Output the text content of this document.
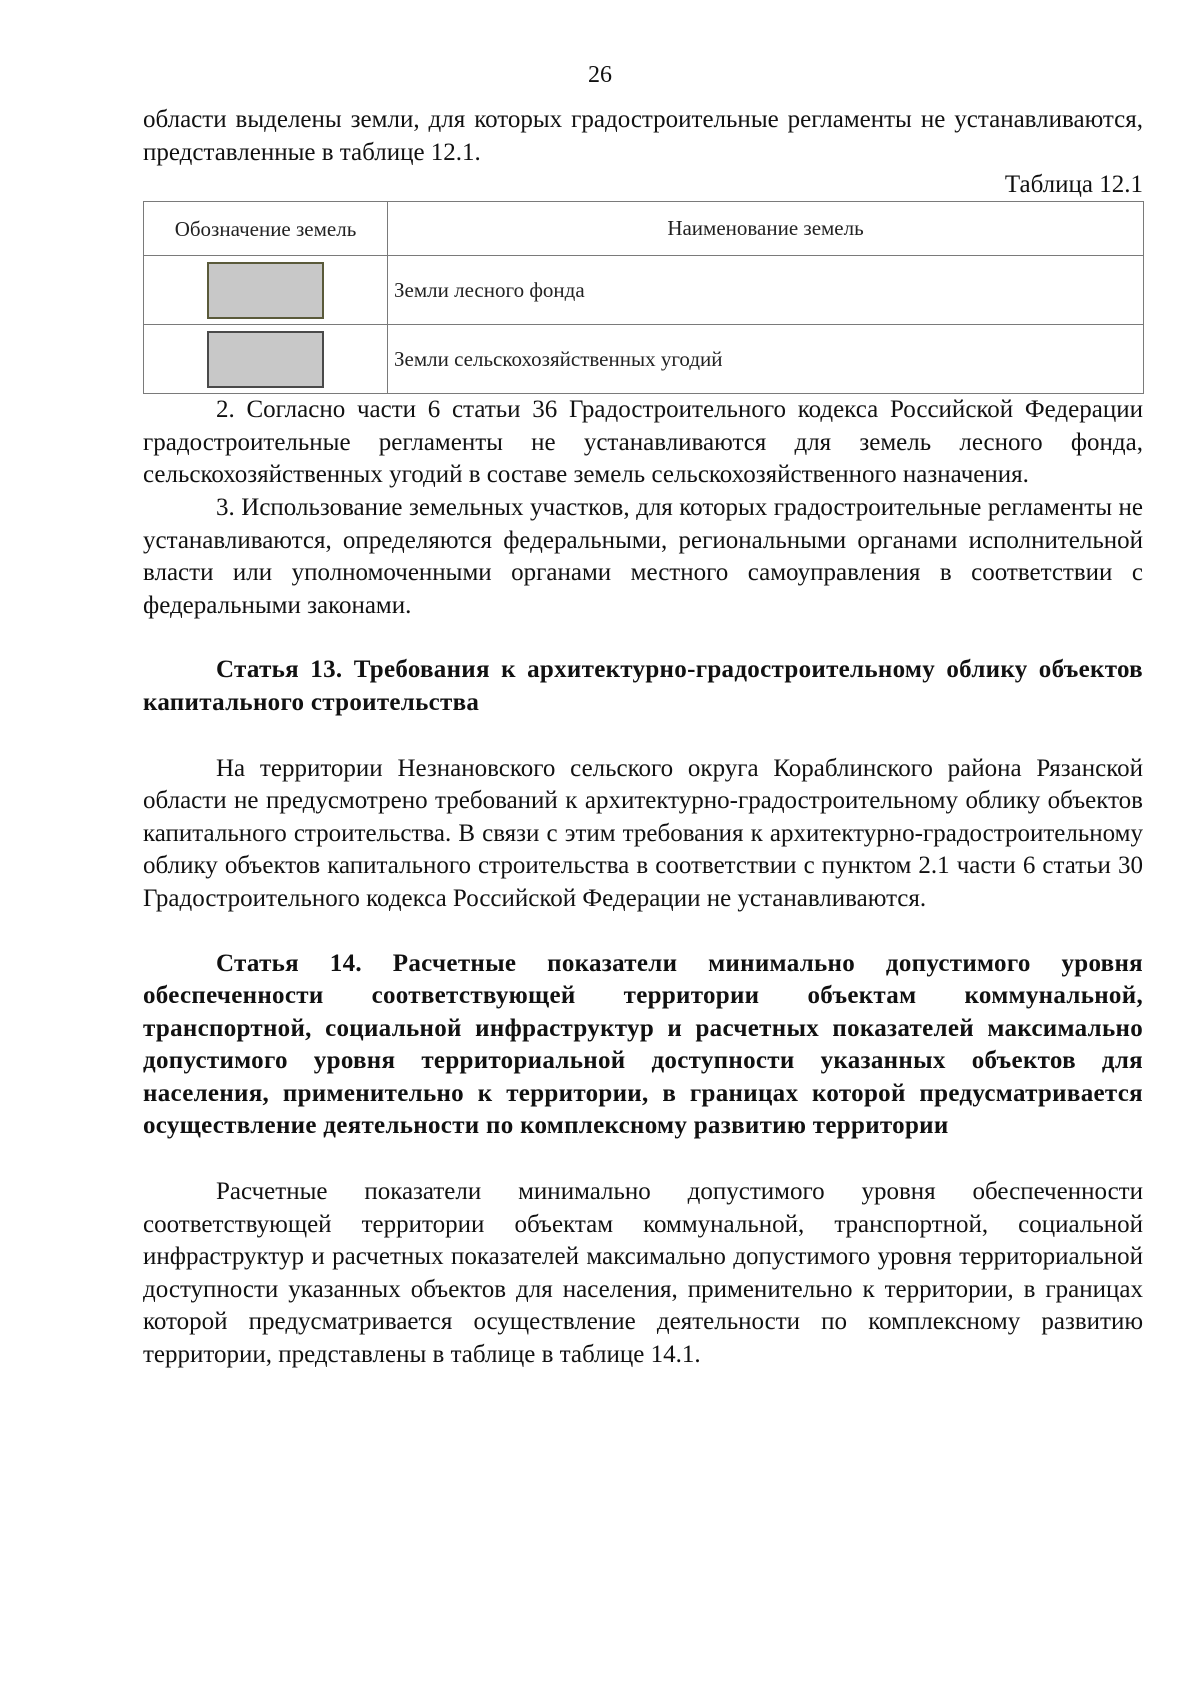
26

области выделены земли, для которых градостроительные регламенты не устанавливаются, представленные в таблице 12.1.

Таблица 12.1

Обозначение земель	Наименование земель
	Земли лесного фонда
	Земли сельскохозяйственных угодий

2. Согласно части 6 статьи 36 Градостроительного кодекса Российской Федерации градостроительные регламенты не устанавливаются для земель лесного фонда, сельскохозяйственных угодий в составе земель сельскохозяйственного назначения.

3. Использование земельных участков, для которых градостроительные регламенты не устанавливаются, определяются федеральными, региональными органами исполнительной власти или уполномоченными органами местного самоуправления в соответствии с федеральными законами.

Статья 13. Требования к архитектурно-градостроительному облику объектов капитального строительства

На территории Незнановского сельского округа Кораблинского района Рязанской области не предусмотрено требований к архитектурно-градостроительному облику объектов капитального строительства. В связи с этим требования к архитектурно-градостроительному облику объектов капитального строительства в соответствии с пунктом 2.1 части 6 статьи 30 Градостроительного кодекса Российской Федерации не устанавливаются.

Статья 14. Расчетные показатели минимально допустимого уровня обеспеченности соответствующей территории объектам коммунальной, транспортной, социальной инфраструктур и расчетных показателей максимально допустимого уровня территориальной доступности указанных объектов для населения, применительно к территории, в границах которой предусматривается осуществление деятельности по комплексному развитию территории

Расчетные показатели минимально допустимого уровня обеспеченности соответствующей территории объектам коммунальной, транспортной, социальной инфраструктур и расчетных показателей максимально допустимого уровня территориальной доступности указанных объектов для населения, применительно к территории, в границах которой предусматривается осуществление деятельности по комплексному развитию территории, представлены в таблице в таблице 14.1.
